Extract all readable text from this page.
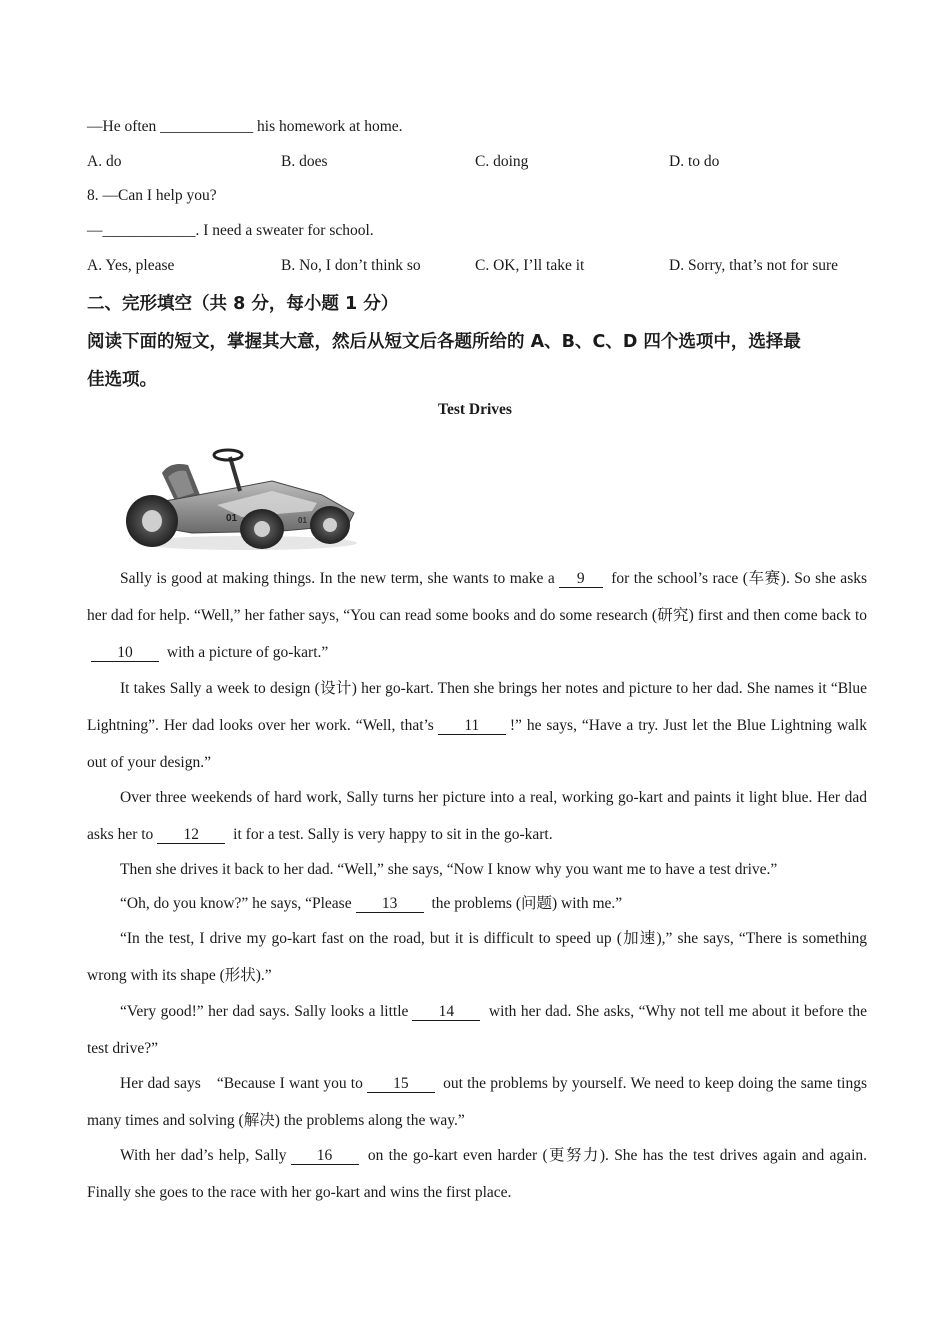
—He often ____________ his homework at home.
A. do	B. does	C. doing	D. to do
8. —Can I help you?
—____________. I need a sweater for school.
A. Yes, please	B. No, I don’t think so	C. OK, I’ll take it	D. Sorry, that’s not for sure
二、完形填空（共 8 分，每小题 1 分）
阅读下面的短文，掌握其大意，然后从短文后各题所给的 A、B、C、D 四个选项中，选择最
佳选项。
Test Drives
01	01
Sally is good at making things. In the new term, she wants to make a 9 for the school’s race (车赛). So she asks her dad for help. “Well,” her father says, “You can read some books and do some research (研究) first and then come back to10 with a picture of go-kart.”
It takes Sally a week to design (设计) her go-kart. Then she brings her notes and picture to her dad. She names it “Blue Lightning”. Her dad looks over her work. “Well, that’s 11 !” he says, “Have a try. Just let the Blue Lightning walk out of your design.”
Over three weekends of hard work, Sally turns her picture into a real, working go-kart and paints it light blue. Her dad asks her to 12 it for a test. Sally is very happy to sit in the go-kart.
Then she drives it back to her dad. “Well,” she says, “Now I know why you want me to have a test drive.”
“Oh, do you know?” he says, “Please 13 the problems (问题) with me.”
“In the test, I drive my go-kart fast on the road, but it is difficult to speed up (加速),” she says, “There is something wrong with its shape (形状).”
“Very good!” her dad says. Sally looks a little 14 with her dad. She asks, “Why not tell me about it before the test drive?”
Her dad says　“Because I want you to 15 out the problems by yourself. We need to keep doing the same tings many times and solving (解决) the problems along the way.”
With her dad’s help, Sally 16 on the go-kart even harder (更努力). She has the test drives again and again. Finally she goes to the race with her go-kart and wins the first place.
